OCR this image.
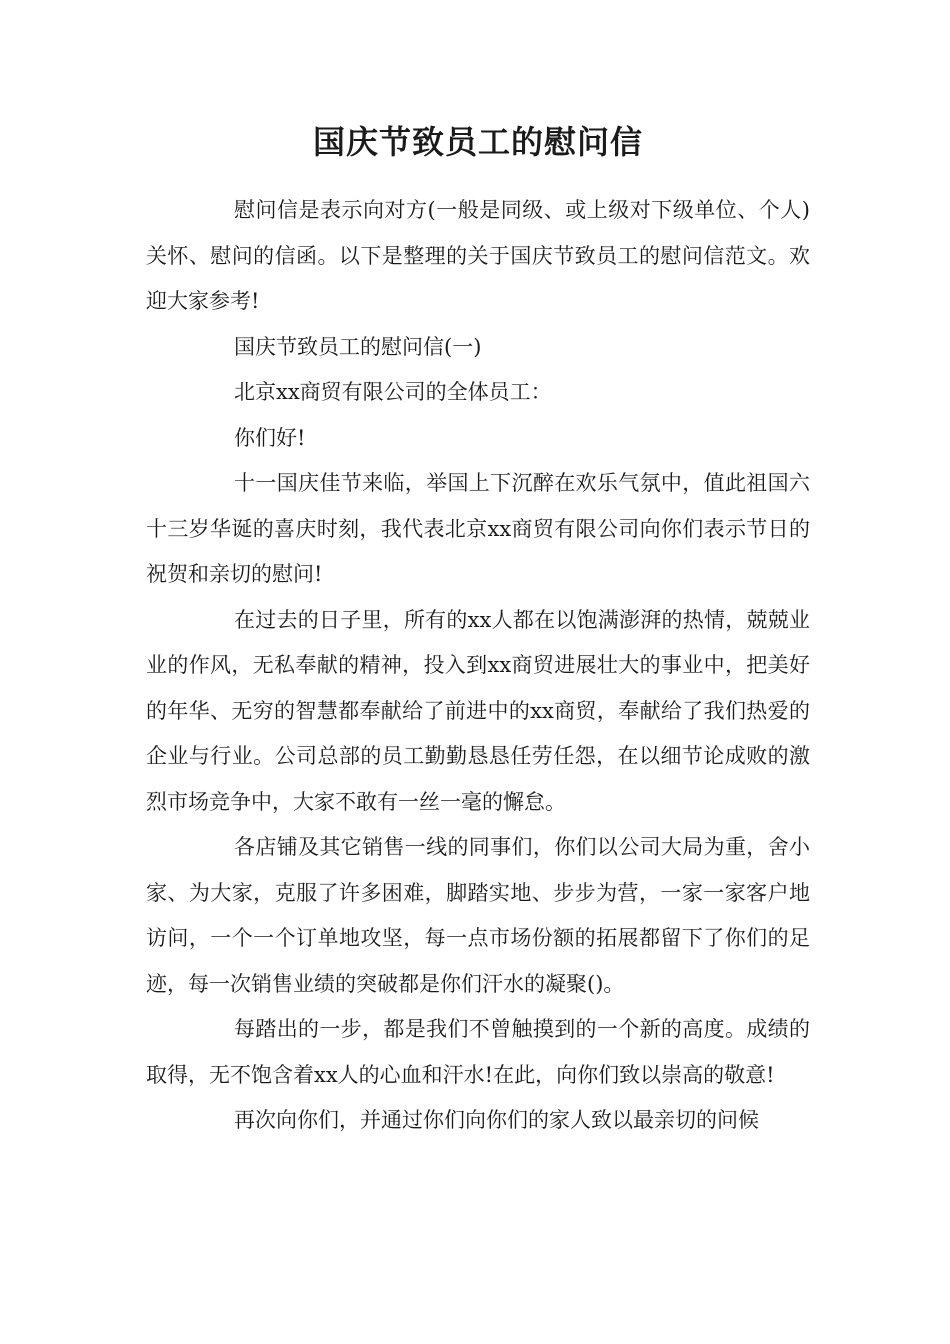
国庆节致员工的慰问信

慰问信是表示向对方(一般是同级、或上级对下级单位、个人)关怀、慰问的信函。以下是整理的关于国庆节致员工的慰问信范文。欢迎大家参考!

国庆节致员工的慰问信(一)

北京xx商贸有限公司的全体员工：

你们好!

十一国庆佳节来临，举国上下沉醉在欢乐气氛中，值此祖国六十三岁华诞的喜庆时刻，我代表北京xx商贸有限公司向你们表示节日的祝贺和亲切的慰问!

在过去的日子里，所有的xx人都在以饱满澎湃的热情，兢兢业业的作风，无私奉献的精神，投入到xx商贸进展壮大的事业中，把美好的年华、无穷的智慧都奉献给了前进中的xx商贸，奉献给了我们热爱的企业与行业。公司总部的员工勤勤恳恳任劳任怨，在以细节论成败的激烈市场竞争中，大家不敢有一丝一毫的懈怠。

各店铺及其它销售一线的同事们，你们以公司大局为重，舍小家、为大家，克服了许多困难，脚踏实地、步步为营，一家一家客户地访问，一个一个订单地攻坚，每一点市场份额的拓展都留下了你们的足迹，每一次销售业绩的突破都是你们汗水的凝聚()。

每踏出的一步，都是我们不曾触摸到的一个新的高度。成绩的取得，无不饱含着xx人的心血和汗水!在此，向你们致以崇高的敬意!

再次向你们，并通过你们向你们的家人致以最亲切的问候
